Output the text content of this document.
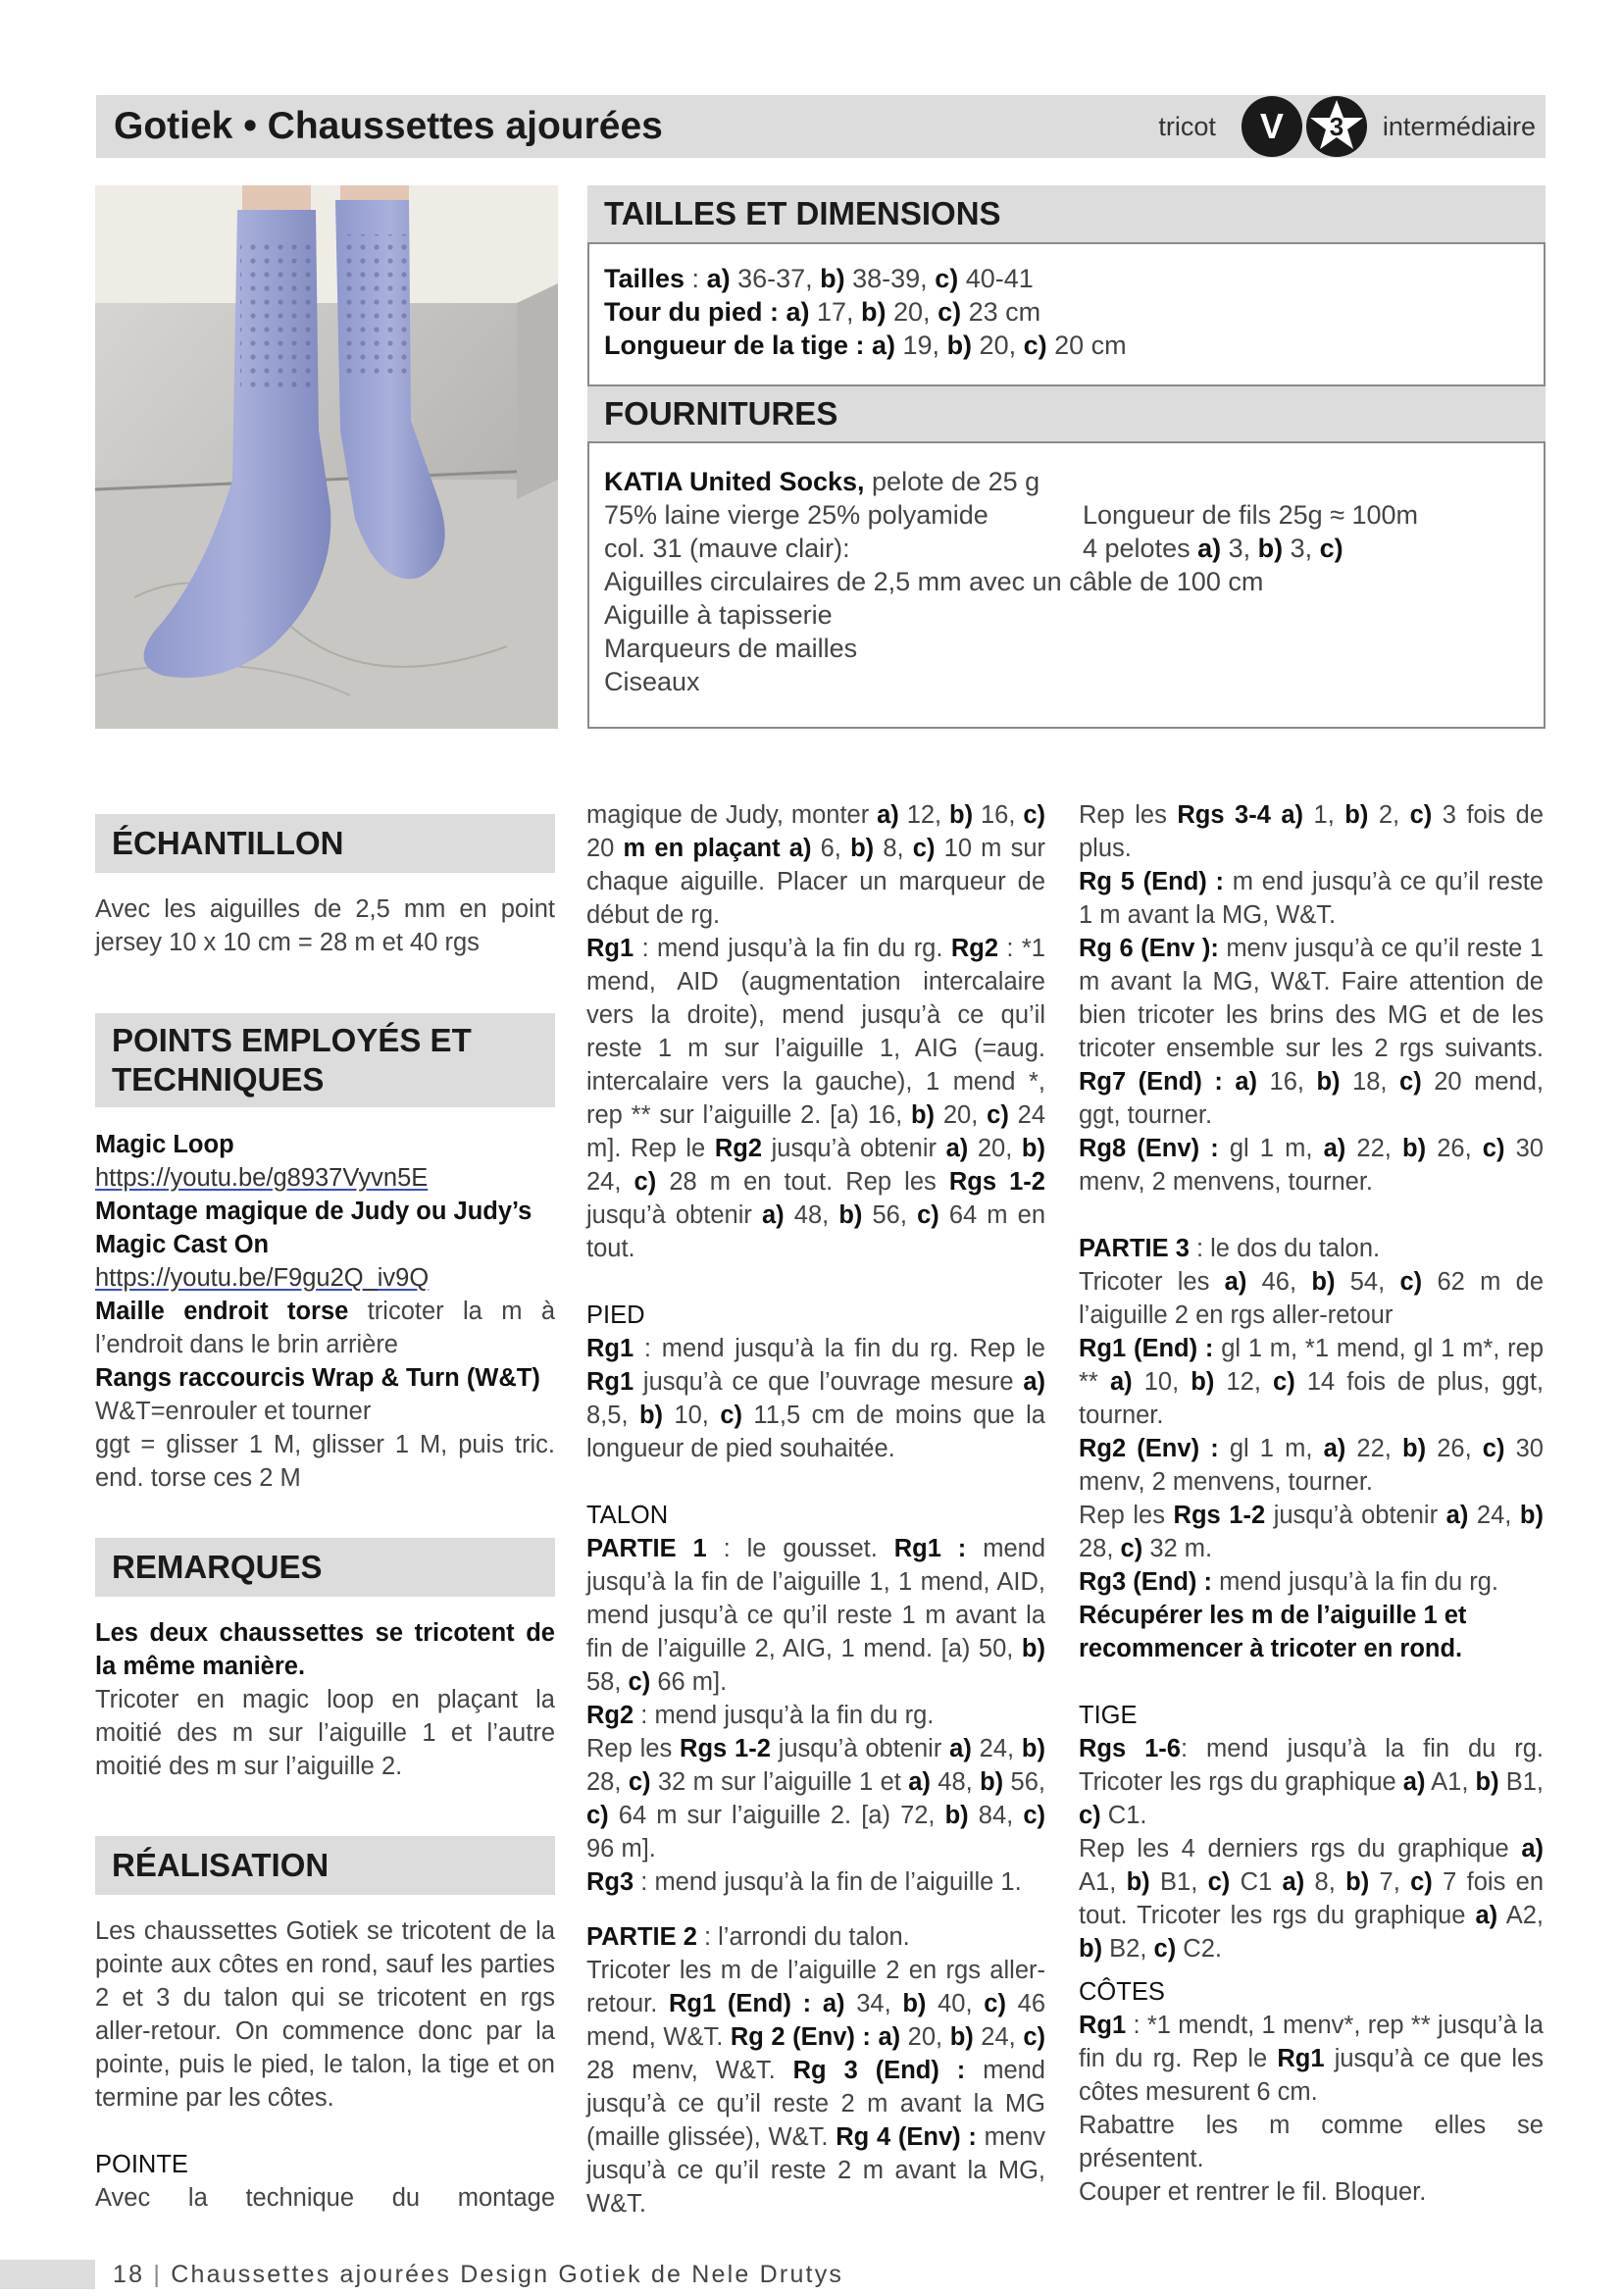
Gotiek • Chaussettes ajourées	tricot V 3 intermédiaire
TAILLES ET DIMENSIONS
Tailles : a) 36-37, b) 38-39, c) 40-41
Tour du pied : a) 17, b) 20, c) 23 cm
Longueur de la tige : a) 19, b) 20, c) 20 cm
FOURNITURES
KATIA United Socks, pelote de 25 g
75% laine vierge 25% polyamide	Longueur de fils 25g ≈ 100m
col. 31 (mauve clair):	4 pelotes a) 3, b) 3, c)
Aiguilles circulaires de 2,5 mm avec un câble de 100 cm
Aiguille à tapisserie
Marqueurs de mailles
Ciseaux
ÉCHANTILLON
Avec les aiguilles de 2,5 mm en point jersey 10 x 10 cm = 28 m et 40 rgs
POINTS EMPLOYÉS ET
TECHNIQUES

Magic Loop

https://youtu.be/g8937Vyvn5E

Montage magique de Judy ou Judy’s Magic Cast On

https://youtu.be/F9gu2Q_iv9Q

Maille endroit torse tricoter la m à l’endroit dans le brin arrière

Rangs raccourcis Wrap & Turn (W&T)

W&T=enrouler et tourner

ggt = glisser 1 M, glisser 1 M, puis tric. end. torse ces 2 M

REMARQUES

Les deux chaussettes se tricotent de la même manière.

Tricoter en magic loop en plaçant la moitié des m sur l’aiguille 1 et l’autre moitié des m sur l’aiguille 2.

RÉALISATION

Les chaussettes Gotiek se tricotent de la pointe aux côtes en rond, sauf les parties 2 et 3 du talon qui se tricotent en rgs aller-retour. On commence donc par la pointe, puis le pied, le talon, la tige et on termine par les côtes.

POINTE

Avec la technique du montage

magique de Judy, monter a) 12, b) 16, c) 20 m en plaçant a) 6, b) 8, c) 10 m sur chaque aiguille. Placer un marqueur de début de rg.

Rg1 : mend jusqu’à la fin du rg. Rg2 : *1 mend, AID (augmentation intercalaire vers la droite), mend jusqu’à ce qu’il reste 1 m sur l’aiguille 1, AIG (=aug. intercalaire vers la gauche), 1 mend *, rep ** sur l’aiguille 2. [a) 16, b) 20, c) 24 m]. Rep le Rg2 jusqu’à obtenir a) 20, b) 24, c) 28 m en tout. Rep les Rgs 1-2 jusqu’à obtenir a) 48, b) 56, c) 64 m en tout.

PIED

Rg1 : mend jusqu’à la fin du rg. Rep le Rg1 jusqu’à ce que l’ouvrage mesure a) 8,5, b) 10, c) 11,5 cm de moins que la longueur de pied souhaitée.

TALON

PARTIE 1 : le gousset. Rg1 : mend jusqu’à la fin de l’aiguille 1, 1 mend, AID, mend jusqu’à ce qu’il reste 1 m avant la fin de l’aiguille 2, AIG, 1 mend. [a) 50, b) 58, c) 66 m].

Rg2 : mend jusqu’à la fin du rg.

Rep les Rgs 1-2 jusqu’à obtenir a) 24, b) 28, c) 32 m sur l’aiguille 1 et a) 48, b) 56, c) 64 m sur l’aiguille 2. [a) 72, b) 84, c) 96 m].

Rg3 : mend jusqu’à la fin de l’aiguille 1.

PARTIE 2 : l’arrondi du talon.

Tricoter les m de l’aiguille 2 en rgs aller-retour. Rg1 (End) : a) 34, b) 40, c) 46 mend, W&T. Rg 2 (Env) : a) 20, b) 24, c) 28 menv, W&T. Rg 3 (End) : mend jusqu’à ce qu’il reste 2 m avant la MG (maille glissée), W&T. Rg 4 (Env) : menv jusqu’à ce qu’il reste 2 m avant la MG, W&T.

Rep les Rgs 3-4 a) 1, b) 2, c) 3 fois de plus.

Rg 5 (End) : m end jusqu’à ce qu’il reste 1 m avant la MG, W&T.

Rg 6 (Env ): menv jusqu’à ce qu’il reste 1 m avant la MG, W&T. Faire attention de bien tricoter les brins des MG et de les tricoter ensemble sur les 2 rgs suivants. Rg7 (End) : a) 16, b) 18, c) 20 mend, ggt, tourner.

Rg8 (Env) : gl 1 m, a) 22, b) 26, c) 30 menv, 2 menvens, tourner.

PARTIE 3 : le dos du talon.

Tricoter les a) 46, b) 54, c) 62 m de l’aiguille 2 en rgs aller-retour

Rg1 (End) : gl 1 m, *1 mend, gl 1 m*, rep ** a) 10, b) 12, c) 14 fois de plus, ggt, tourner.

Rg2 (Env) : gl 1 m, a) 22, b) 26, c) 30 menv, 2 menvens, tourner.

Rep les Rgs 1-2 jusqu’à obtenir a) 24, b) 28, c) 32 m.

Rg3 (End) : mend jusqu’à la fin du rg.

Récupérer les m de l’aiguille 1 et recommencer à tricoter en rond.

TIGE

Rgs 1-6: mend jusqu’à la fin du rg. Tricoter les rgs du graphique a) A1, b) B1, c) C1.

Rep les 4 derniers rgs du graphique a) A1, b) B1, c) C1 a) 8, b) 7, c) 7 fois en tout. Tricoter les rgs du graphique a) A2, b) B2, c) C2.

CÔTES

Rg1 : *1 mendt, 1 menv*, rep ** jusqu’à la fin du rg. Rep le Rg1 jusqu’à ce que les côtes mesurent 6 cm.

Rabattre les m comme elles se présentent.

Couper et rentrer le fil. Bloquer.

18 | Chaussettes ajourées Design Gotiek de Nele Drutys
